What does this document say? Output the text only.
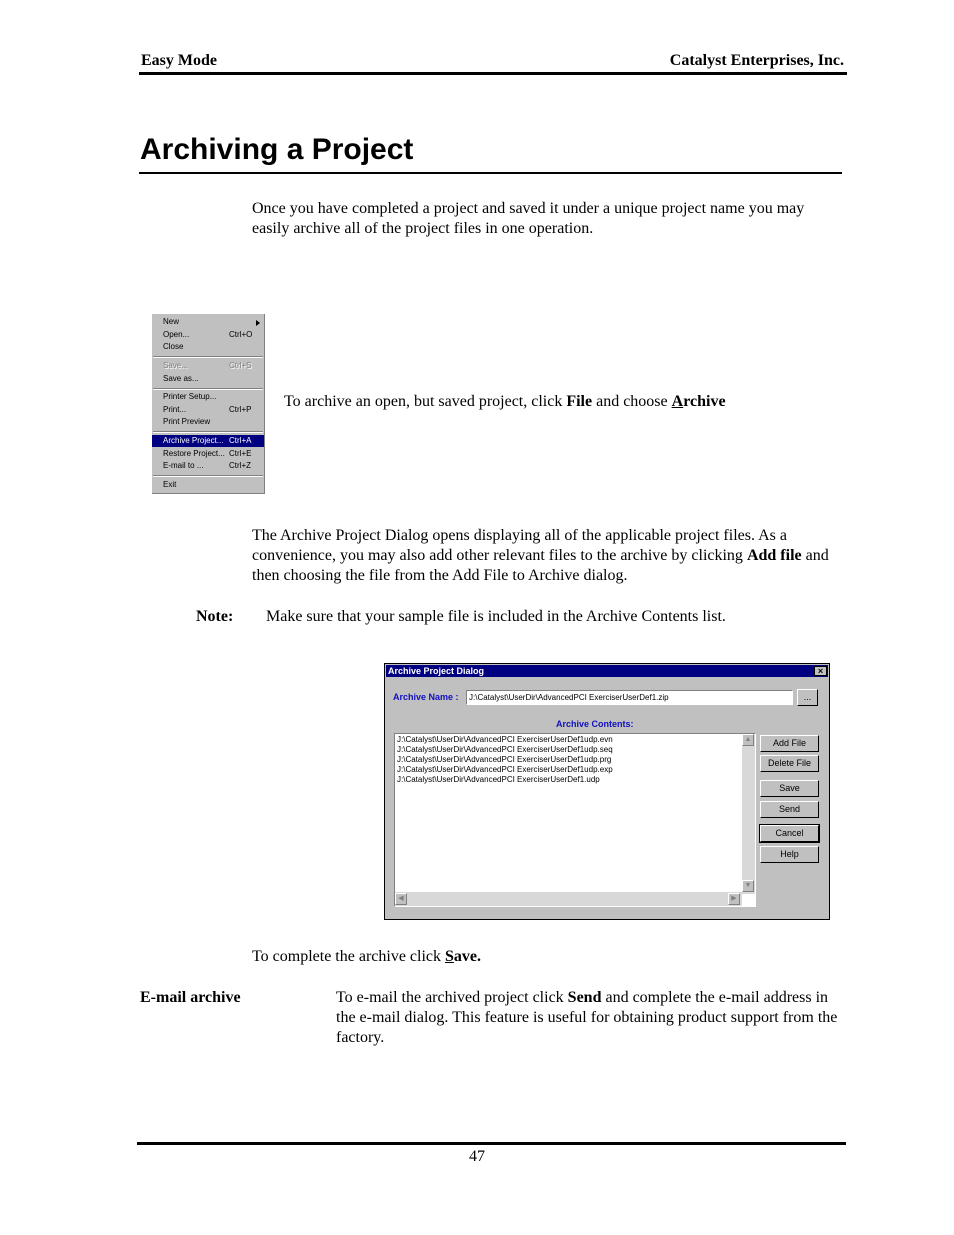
Easy Mode	Catalyst Enterprises, Inc.
Archiving a Project
Once you have completed a project and saved it under a unique project name you may easily archive all of the project files in one operation.
New
Open...	Ctrl+O
Close
Save...	Ctrl+S
Save as...
Printer Setup...
Print...	Ctrl+P
Print Preview
Archive Project... Ctrl+A
Restore Project... Ctrl+E
E-mail to ...	Ctrl+Z
Exit
To archive an open, but saved project, click File and choose Archive
The Archive Project Dialog opens displaying all of the applicable project files. As a convenience, you may also add other relevant files to the archive by clicking Add file and then choosing the file from the Add File to Archive dialog.
Note: Make sure that your sample file is included in the Archive Contents list.
Archive Project Dialog	×
Archive Name :	J:\Catalyst\UserDir\AdvancedPCI ExerciserUserDef1.zip	...
Archive Contents:
J:\Catalyst\UserDir\AdvancedPCI ExerciserUserDef1udp.evn
J:\Catalyst\UserDir\AdvancedPCI ExerciserUserDef1udp.seq
J:\Catalyst\UserDir\AdvancedPCI ExerciserUserDef1udp.prg
J:\Catalyst\UserDir\AdvancedPCI ExerciserUserDef1udp.exp
J:\Catalyst\UserDir\AdvancedPCI ExerciserUserDef1.udp
▲
▼
◀	▶
Add File
Delete File
Save
Send
Cancel
Help
To complete the archive click Save.
E-mail archive	To e-mail the archived project click Send and complete the e-mail address in the e-mail dialog. This feature is useful for obtaining product support from the factory.
47
